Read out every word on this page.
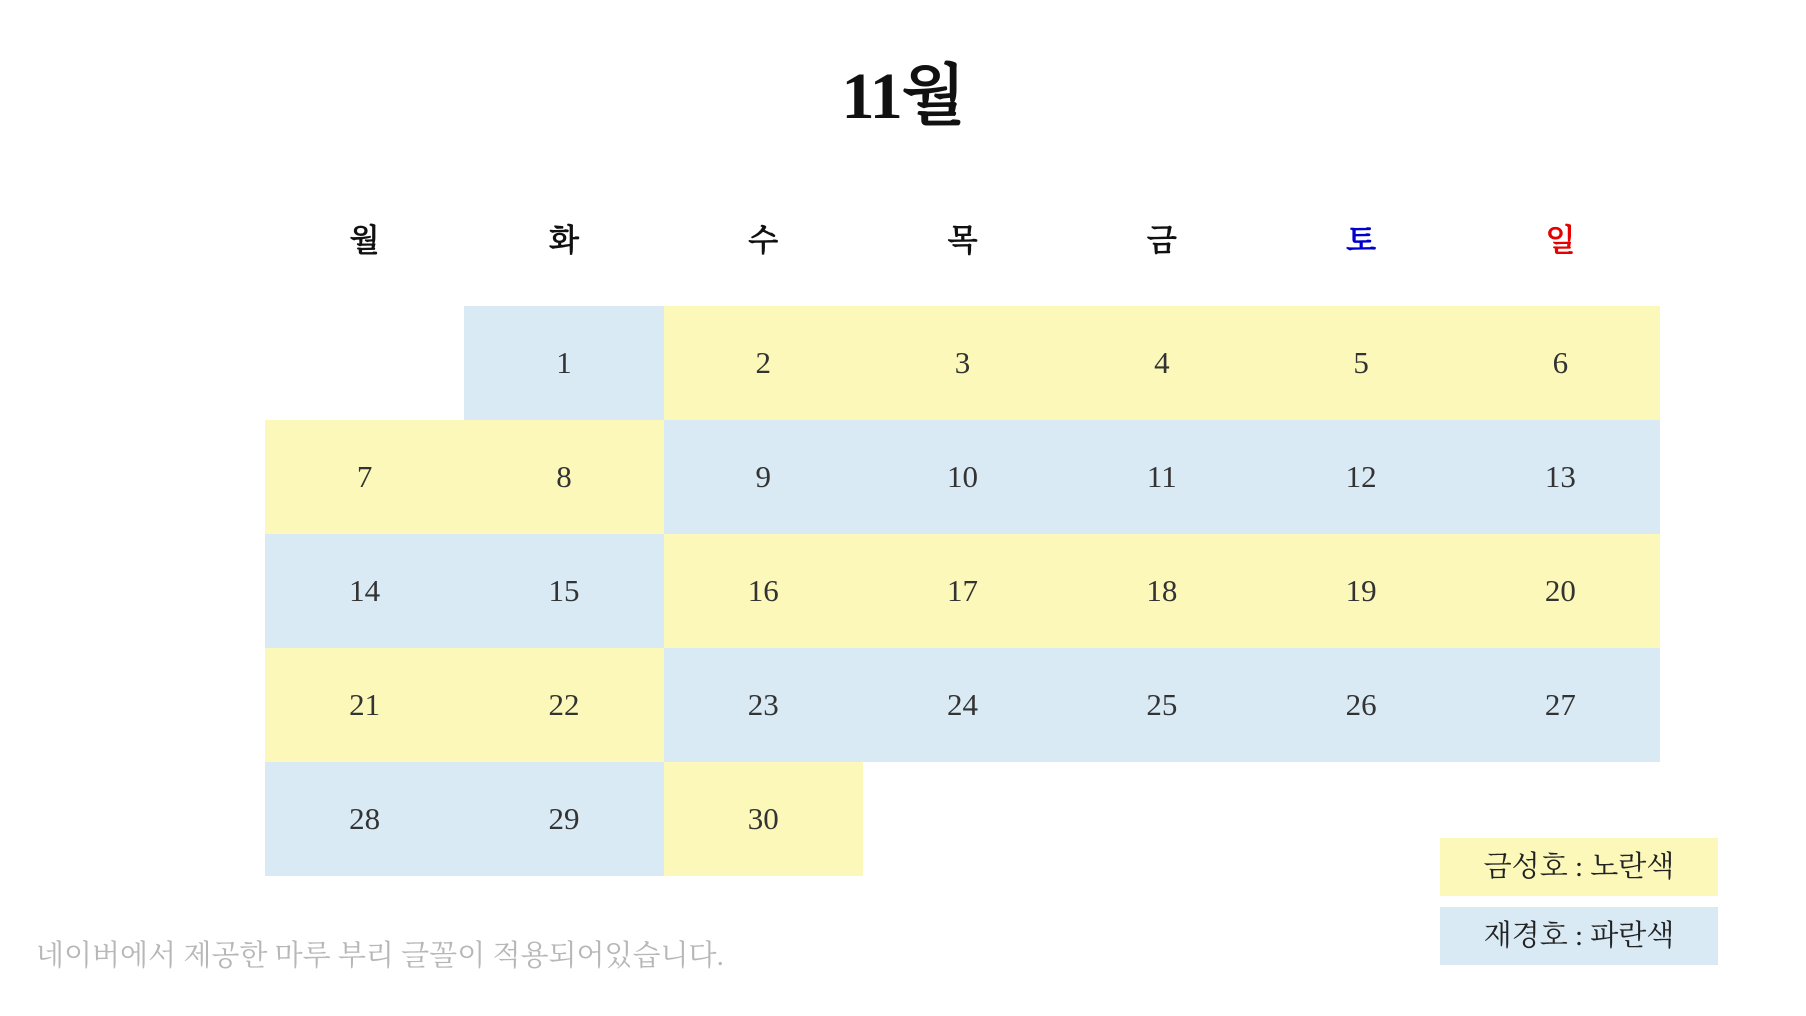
11월
월	화	수	목	금	토	일
	1	2	3	4	5	6
7	8	9	10	11	12	13
14	15	16	17	18	19	20
21	22	23	24	25	26	27
28	29	30				
금성호 : 노란색
재경호 : 파란색
네이버에서 제공한 마루 부리 글꼴이 적용되어있습니다.
